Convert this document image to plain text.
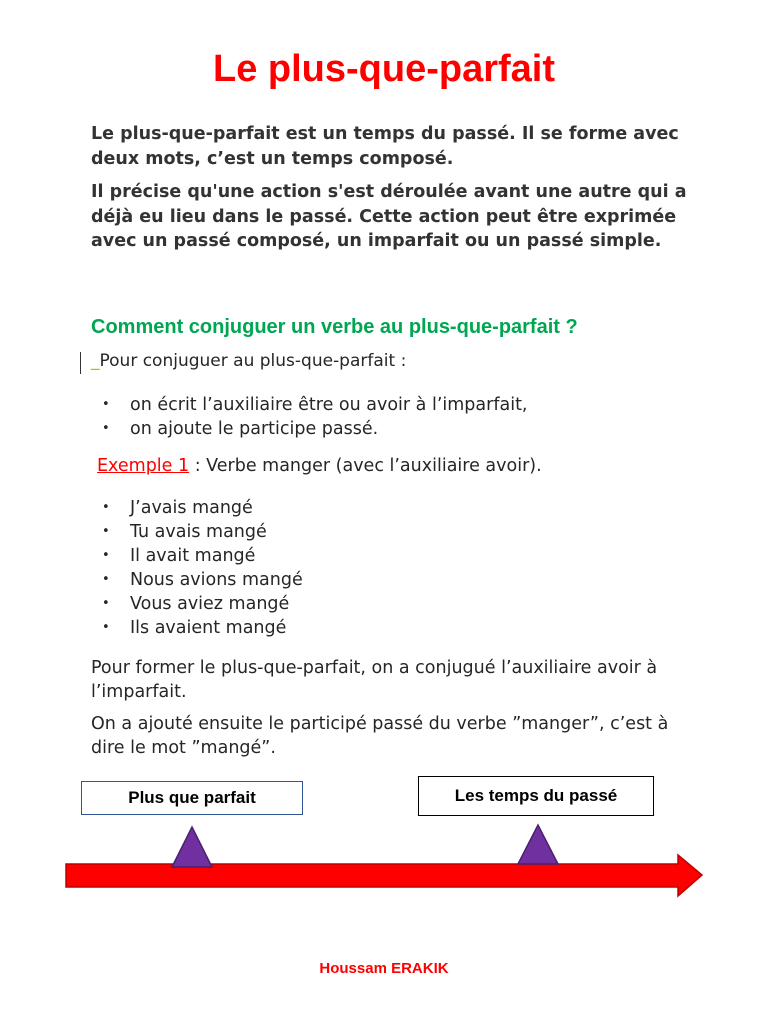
Le plus-que-parfait

Le plus-que-parfait est un temps du passé. Il se forme avec deux mots, c’est un temps composé.

Il précise qu'une action s'est déroulée avant une autre qui a déjà eu lieu dans le passé. Cette action peut être exprimée avec un passé composé, un imparfait ou un passé simple.

Comment conjuguer un verbe au plus-que-parfait ?

_Pour conjuguer au plus-que-parfait :

• on écrit l’auxiliaire être ou avoir à l’imparfait,
• on ajoute le participe passé.

Exemple 1 : Verbe manger (avec l’auxiliaire avoir).

• J’avais mangé
• Tu avais mangé
• Il avait mangé
• Nous avions mangé
• Vous aviez mangé
• Ils avaient mangé

Pour former le plus-que-parfait, on a conjugué l’auxiliaire avoir à l’imparfait.

On a ajouté ensuite le participé passé du verbe ”manger”, c’est à dire le mot ”mangé”.

Plus que parfait	Les temps du passé

Houssam ERAKIK
